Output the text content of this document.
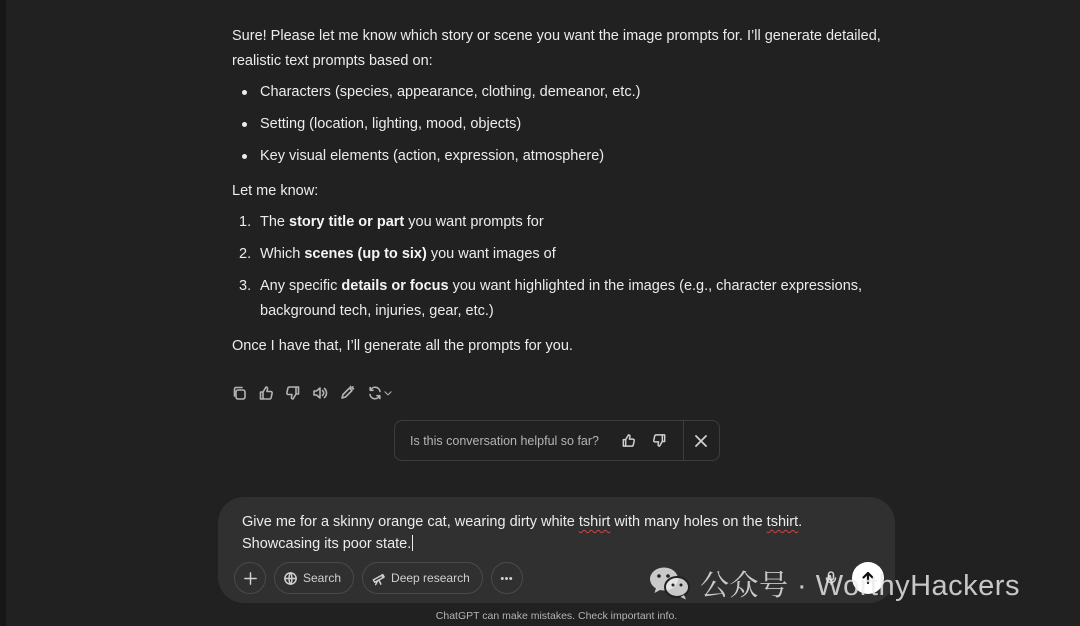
Sure! Please let me know which story or scene you want the image prompts for. I’ll generate detailed, realistic text prompts based on:

Characters (species, appearance, clothing, demeanor, etc.)
Setting (location, lighting, mood, objects)
Key visual elements (action, expression, atmosphere)

Let me know:

1. The story title or part you want prompts for
2. Which scenes (up to six) you want images of
3. Any specific details or focus you want highlighted in the images (e.g., character expressions, background tech, injuries, gear, etc.)

Once I have that, I’ll generate all the prompts for you.

Is this conversation helpful so far?
Give me for a skinny orange cat, wearing dirty white tshirt with many holes on the tshirt. Showcasing its poor state.
Search	Deep research	公众号 · WorthyHackers
ChatGPT can make mistakes. Check important info.
